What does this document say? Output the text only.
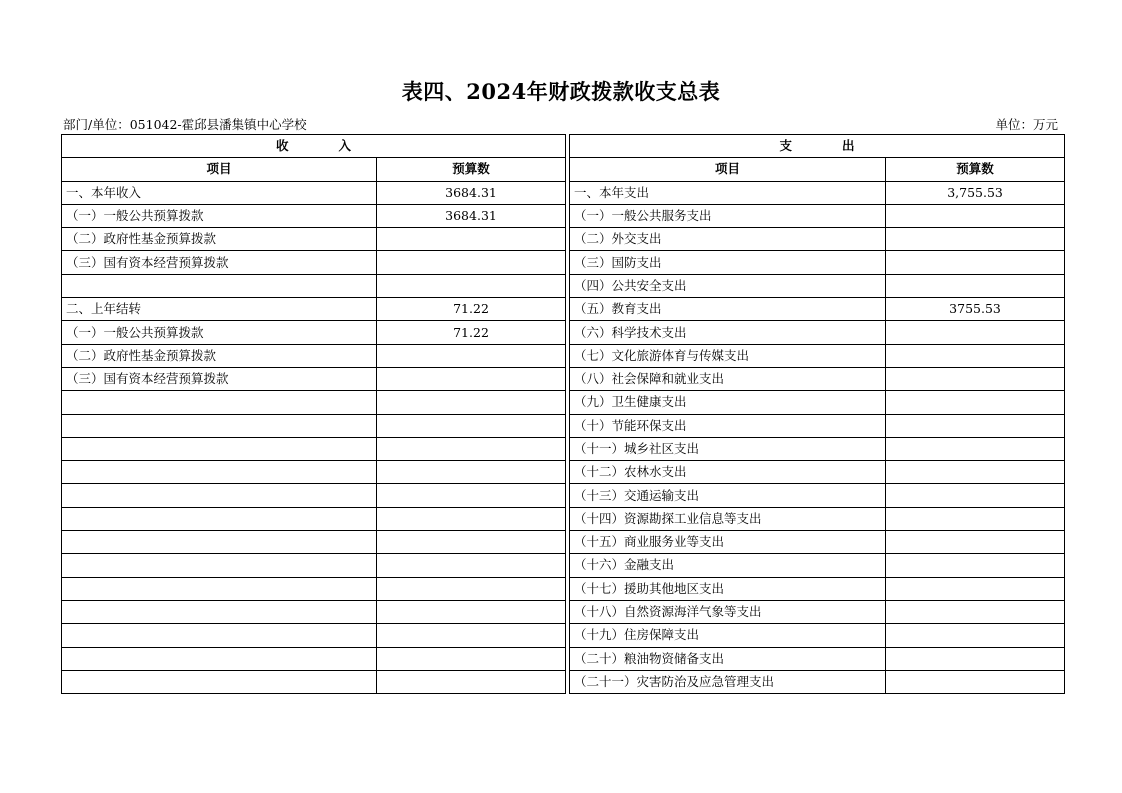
表四、2024年财政拨款收支总表
部门/单位：051042-霍邱县潘集镇中心学校	单位：万元
收　　　　入			支　　　　出	
项目	预算数		项目	预算数
一、本年收入	3684.31		一、本年支出	3,755.53
（一）一般公共预算拨款	3684.31		（一）一般公共服务支出	
（二）政府性基金预算拨款			（二）外交支出	
（三）国有资本经营预算拨款			（三）国防支出	
			（四）公共安全支出	
二、上年结转	71.22		（五）教育支出	3755.53
（一）一般公共预算拨款	71.22		（六）科学技术支出	
（二）政府性基金预算拨款			（七）文化旅游体育与传媒支出	
（三）国有资本经营预算拨款			（八）社会保障和就业支出	
			（九）卫生健康支出	
			（十）节能环保支出	
			（十一）城乡社区支出	
			（十二）农林水支出	
			（十三）交通运输支出	
			（十四）资源勘探工业信息等支出	
			（十五）商业服务业等支出	
			（十六）金融支出	
			（十七）援助其他地区支出	
			（十八）自然资源海洋气象等支出	
			（十九）住房保障支出	
			（二十）粮油物资储备支出	
			（二十一）灾害防治及应急管理支出	
